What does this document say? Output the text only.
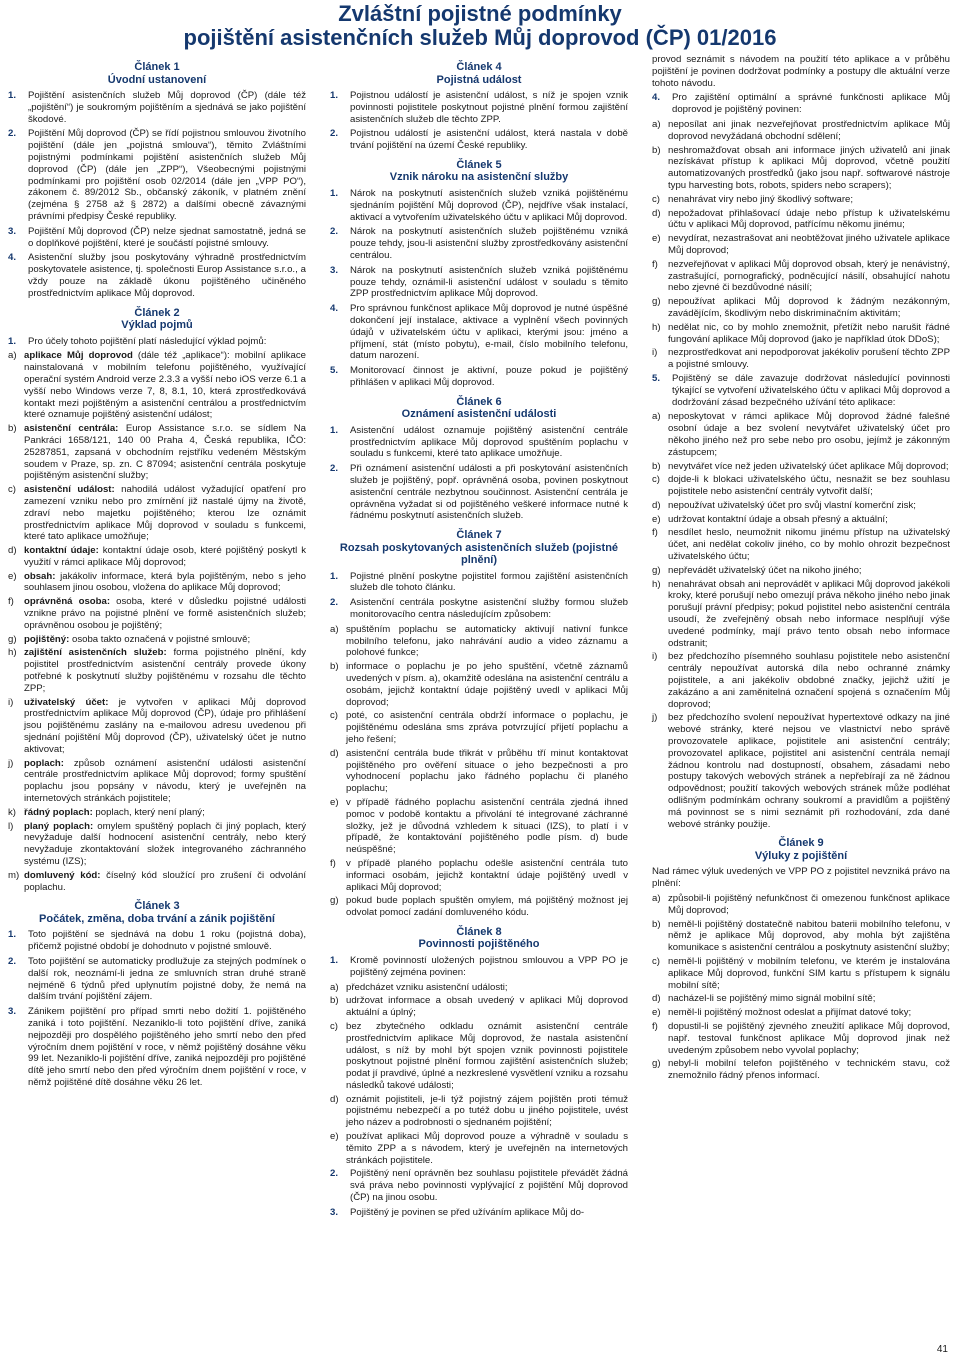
Zvláštní pojistné podmínky
pojištění asistenčních služeb Můj doprovod (ČP) 01/2016
Článek 1
Úvodní ustanovení
1. Pojištění asistenčních služeb Můj doprovod (ČP) (dále též „pojištění“) je soukromým pojištěním a sjednává se jako pojištění škodové.
2. Pojištění Můj doprovod (ČP) se řídí pojistnou smlouvou životního pojištění (dále jen „pojistná smlouva“), těmito Zvláštními pojistnými podmínkami pojištění asistenčních služeb Můj doprovod (ČP) (dále jen „ZPP“), Všeobecnými pojistnými podmínkami pro pojištění osob 02/2014 (dále jen „VPP PO“), zákonem č. 89/2012 Sb., občanský zákoník, v platném znění (zejména § 2758 až § 2872) a dalšími obecně závaznými právními předpisy České republiky.
3. Pojištění Můj doprovod (ČP) nelze sjednat samostatně, jedná se o doplňkové pojištění, které je součástí pojistné smlouvy.
4. Asistenční služby jsou poskytovány výhradně prostřednictvím poskytovatele asistence, tj. společnosti Europ Assistance s.r.o., a vždy pouze na základě úkonu pojištěného učiněného prostřednictvím aplikace Můj doprovod.
Článek 2
Výklad pojmů
1. Pro účely tohoto pojištění platí následující výklad pojmů:
a) aplikace Můj doprovod (dále též „aplikace“): mobilní aplikace nainstalovaná v mobilním telefonu pojištěného, využívající operační systém Android verze 2.3.3 a vyšší nebo iOS verze 6.1 a vyšší nebo Windows verze 7, 8, 8.1, 10, která zprostředkovává kontakt mezi pojištěným a asistenční centrálou a prostřednictvím které oznamuje pojištěný asistenční událost;
b) asistenční centrála: Europ Assistance s.r.o. se sídlem Na Pankráci 1658/121, 140 00 Praha 4, Česká republika, IČO: 25287851, zapsaná v obchodním rejstříku vedeném Městským soudem v Praze, sp. zn. C 87094; asistenční centrála poskytuje pojištěným asistenční služby;
c) asistenční událost: nahodilá událost vyžadující opatření pro zamezení vzniku nebo pro zmírnění již nastalé újmy na životě, zdraví nebo majetku pojištěného; kterou lze oznámit prostřednictvím aplikace Můj doprovod v souladu s funkcemi, které tato aplikace umožňuje;
d) kontaktní údaje: kontaktní údaje osob, které pojištěný poskytl k využití v rámci aplikace Můj doprovod;
e) obsah: jakákoliv informace, která byla pojištěným, nebo s jeho souhlasem jinou osobou, vložena do aplikace Můj doprovod;
f) oprávněná osoba: osoba, které v důsledku pojistné události vznikne právo na pojistné plnění ve formě asistenčních služeb; oprávněnou osobou je pojištěný;
g) pojištěný: osoba takto označená v pojistné smlouvě;
h) zajištění asistenčních služeb: forma pojistného plnění, kdy pojistitel prostřednictvím asistenční centrály provede úkony potřebné k poskytnutí služby pojištěnému v rozsahu dle těchto ZPP;
i) uživatelský účet: je vytvořen v aplikaci Můj doprovod prostřednictvím aplikace Můj doprovod (ČP), údaje pro přihlášení jsou pojištěnému zaslány na e-mailovou adresu uvedenou při sjednání pojištění Můj doprovod (ČP), uživatelský účet je nutno aktivovat;
j) poplach: způsob oznámení asistenční události asistenční centrále prostřednictvím aplikace Můj doprovod; formy spuštění poplachu jsou popsány v návodu, který je uveřejněn na internetových stránkách pojistitele;
k) řádný poplach: poplach, který není planý;
l) planý poplach: omylem spuštěný poplach či jiný poplach, který nevyžaduje další hodnocení asistenční centrály, nebo který nevyžaduje zkontaktování složek integrovaného záchranného systému (IZS);
m) domluvený kód: číselný kód sloužící pro zrušení či odvolání poplachu.
Článek 3
Počátek, změna, doba trvání a zánik pojištění
1. Toto pojištění se sjednává na dobu 1 roku (pojistná doba), přičemž pojistné období je dohodnuto v pojistné smlouvě.
2. Toto pojištění se automaticky prodlužuje za stejných podmínek o další rok, neoznámí-li jedna ze smluvních stran druhé straně nejméně 6 týdnů před uplynutím pojistné doby, že nemá na dalším trvání pojištění zájem.
3. Zánikem pojištění pro případ smrti nebo dožití 1. pojištěného zaniká i toto pojištění. Nezaniklo-li toto pojištění dříve, zaniká nejpozději pro dospělého pojištěného jeho smrtí nebo den před výročním dnem pojištění v roce, v němž pojištěný dosáhne věku 99 let. Nezaniklo-li pojištění dříve, zaniká nejpozději pro pojištěné dítě jeho smrtí nebo den před výročním dnem pojištění v roce, v němž pojištěné dítě dosáhne věku 26 let.
Článek 4
Pojistná událost
1. Pojistnou událostí je asistenční událost, s níž je spojen vznik povinnosti pojistitele poskytnout pojistné plnění formou zajištění asistenčních služeb dle těchto ZPP.
2. Pojistnou událostí je asistenční událost, která nastala v době trvání pojištění na území České republiky.
Článek 5
Vznik nároku na asistenční služby
1. Nárok na poskytnutí asistenčních služeb vzniká pojištěnému sjednáním pojištění Můj doprovod (ČP), nejdříve však instalací, aktivací a vytvořením uživatelského účtu v aplikaci Můj doprovod.
2. Nárok na poskytnutí asistenčních služeb pojištěnému vzniká pouze tehdy, jsou-li asistenční služby zprostředkovány asistenční centrálou.
3. Nárok na poskytnutí asistenčních služeb vzniká pojištěnému pouze tehdy, oznámil-li asistenční událost v souladu s těmito ZPP prostřednictvím aplikace Můj doprovod.
4. Pro správnou funkčnost aplikace Můj doprovod je nutné úspěšné dokončení její instalace, aktivace a vyplnění všech povinných údajů v uživatelském účtu v aplikaci, kterými jsou: jméno a příjmení, stát (místo pobytu), e-mail, číslo mobilního telefonu, datum narození.
5. Monitorovací činnost je aktivní, pouze pokud je pojištěný přihlášen v aplikaci Můj doprovod.
Článek 6
Oznámení asistenční události
1. Asistenční událost oznamuje pojištěný asistenční centrále prostřednictvím aplikace Můj doprovod spuštěním poplachu v souladu s funkcemi, které tato aplikace umožňuje.
2. Při oznámení asistenční události a při poskytování asistenčních služeb je pojištěný, popř. oprávněná osoba, povinen poskytnout asistenční centrále nezbytnou součinnost. Asistenční centrála je oprávněna vyžadat si od pojištěného veškeré informace nutné k řádnému poskytnutí asistenčních služeb.
Článek 7
Rozsah poskytovaných asistenčních služeb (pojistné plnění)
1. Pojistné plnění poskytne pojistitel formou zajištění asistenčních služeb dle tohoto článku.
2. Asistenční centrála poskytne asistenční služby formou služeb monitorovacího centra následujícím způsobem:
a) spuštěním poplachu se automaticky aktivují nativní funkce mobilního telefonu, jako nahrávání audio a video záznamu a polohové funkce;
b) informace o poplachu je po jeho spuštění, včetně záznamů uvedených v písm. a), okamžitě odeslána na asistenční centrálu a osobám, jejichž kontaktní údaje pojištěný uvedl v aplikaci Můj doprovod;
c) poté, co asistenční centrála obdrží informace o poplachu, je pojištěnému odeslána sms zpráva potvrzující přijetí poplachu a jeho řešení;
d) asistenční centrála bude třikrát v průběhu tří minut kontaktovat pojištěného pro ověření situace o jeho bezpečnosti a pro vyhodnocení poplachu jako řádného poplachu či planého poplachu;
e) v případě řádného poplachu asistenční centrála zjedná ihned pomoc v podobě kontaktu a přivolání té integrované záchranné složky, jež je důvodná vzhledem k situaci (IZS), to platí i v případě, že kontaktování pojištěného podle písm. d) bude neúspěšné;
f) v případě planého poplachu odešle asistenční centrála tuto informaci osobám, jejichž kontaktní údaje pojištěný uvedl v aplikaci Můj doprovod;
g) pokud bude poplach spuštěn omylem, má pojištěný možnost jej odvolat pomocí zadání domluveného kódu.
Článek 8
Povinnosti pojištěného
1. Kromě povinností uložených pojistnou smlouvou a VPP PO je pojištěný zejména povinen:
a) předcházet vzniku asistenční události;
b) udržovat informace a obsah uvedený v aplikaci Můj doprovod aktuální a úplný;
c) bez zbytečného odkladu oznámit asistenční centrále prostřednictvím aplikace Můj doprovod, že nastala asistenční událost, s níž by mohl být spojen vznik povinnosti pojistitele poskytnout pojistné plnění formou zajištění asistenčních služeb; podat jí pravdivé, úplné a nezkreslené vysvětlení vzniku a rozsahu následků takové události;
d) oznámit pojistiteli, je-li týž pojistný zájem pojištěn proti témuž pojistnému nebezpečí a po tutéž dobu u jiného pojistitele, uvést jeho název a podrobnosti o sjednaném pojištění;
e) používat aplikaci Můj doprovod pouze a výhradně v souladu s těmito ZPP a s návodem, který je uveřejněn na internetových stránkách pojistitele.
2. Pojištěný není oprávněn bez souhlasu pojistitele převádět žádná svá práva nebo povinnosti vyplývající z pojištění Můj doprovod (ČP) na jinou osobu.
3. Pojištěný je povinen se před užíváním aplikace Můj do-
provod seznámit s návodem na použití této aplikace a v průběhu pojištění je povinen dodržovat podmínky a postupy dle aktuální verze tohoto návodu.
4. Pro zajištění optimální a správné funkčnosti aplikace Můj doprovod je pojištěný povinen:
a) neposílat ani jinak nezveřejňovat prostřednictvím aplikace Můj doprovod nevyžádaná obchodní sdělení;
b) neshromažďovat obsah ani informace jiných uživatelů ani jinak nezískávat přístup k aplikaci Můj doprovod, včetně použití automatizovaných prostředků (jako jsou např. softwarové nástroje typu harvesting bots, robots, spiders nebo scrapers);
c) nenahrávat viry nebo jiný škodlivý software;
d) nepožadovat přihlašovací údaje nebo přístup k uživatelskému účtu v aplikaci Můj doprovod, patřícímu někomu jinému;
e) nevydírat, nezastrašovat ani neobtěžovat jiného uživatele aplikace Můj doprovod;
f) nezveřejňovat v aplikaci Můj doprovod obsah, který je nenávistný, zastrašující, pornografický, podněcující násilí, obsahující nahotu nebo zjevné či bezdůvodné násilí;
g) nepoužívat aplikaci Můj doprovod k žádným nezákonným, zavádějícím, škodlivým nebo diskriminačním aktivitám;
h) nedělat nic, co by mohlo znemožnit, přetížit nebo narušit řádné fungování aplikace Můj doprovod (jako je například útok DDoS);
i) nezprostředkovat ani nepodporovat jakékoliv porušení těchto ZPP a pojistné smlouvy.
5. Pojištěný se dále zavazuje dodržovat následující povinnosti týkající se vytvoření uživatelského účtu v aplikaci Můj doprovod a dodržování zásad bezpečného užívání této aplikace:
a) neposkytovat v rámci aplikace Můj doprovod žádné falešné osobní údaje a bez svolení nevytvářet uživatelský účet pro někoho jiného než pro sebe nebo pro osobu, jejímž je zákonným zástupcem;
b) nevytvářet více než jeden uživatelský účet aplikace Můj doprovod;
c) dojde-li k blokaci uživatelského účtu, nesnažit se bez souhlasu pojistitele nebo asistenční centrály vytvořit další;
d) nepoužívat uživatelský účet pro svůj vlastní komerční zisk;
e) udržovat kontaktní údaje a obsah přesný a aktuální;
f) nesdílet heslo, neumožnit nikomu jinému přístup na uživatelský účet, ani nedělat cokoliv jiného, co by mohlo ohrozit bezpečnost uživatelského účtu;
g) nepřevádět uživatelský účet na nikoho jiného;
h) nenahrávat obsah ani neprovádět v aplikaci Můj doprovod jakékoli kroky, které porušují nebo omezují práva někoho jiného nebo jinak porušují právní předpisy; pokud pojistitel nebo asistenční centrála usoudí, že zveřejněný obsah nebo informace nesplňují výše uvedené podmínky, mají právo tento obsah nebo informace odstranit;
i) bez předchozího písemného souhlasu pojistitele nebo asistenční centrály nepoužívat autorská díla nebo ochranné známky pojistitele, a ani jakékoliv obdobné značky, jejichž užití je zakázáno a ani zaměnitelná označení spojená s označením Můj doprovod;
j) bez předchozího svolení nepoužívat hypertextové odkazy na jiné webové stránky, které nejsou ve vlastnictví nebo správě provozovatele aplikace, pojistitele ani asistenční centrály; provozovatel aplikace, pojistitel ani asistenční centrála nemají žádnou kontrolu nad dostupností, obsahem, zásadami nebo postupy takových webových stránek a nepřebírají za ně žádnou odpovědnost; použití takových webových stránek může podléhat odlišným podmínkám ochrany soukromí a pravidlům a pojištěný má povinnost se s nimi seznámit při rozhodování, zda dané webové stránky použije.
Článek 9
Výluky z pojištění
Nad rámec výluk uvedených ve VPP PO z pojistitel nevzniká právo na plnění:
a) způsobil-li pojištěný nefunkčnost či omezenou funkčnost aplikace Můj doprovod;
b) neměl-li pojištěný dostatečně nabitou baterii mobilního telefonu, v němž je aplikace Můj doprovod, aby mohla být zajištěna komunikace s asistenční centrálou a poskytnuty asistenční služby;
c) neměl-li pojištěný v mobilním telefonu, ve kterém je instalována aplikace Můj doprovod, funkční SIM kartu s přístupem k signálu mobilní sítě;
d) nacházel-li se pojištěný mimo signál mobilní sítě;
e) neměl-li pojištěný možnost odeslat a přijímat datové toky;
f) dopustil-li se pojištěný zjevného zneužití aplikace Můj doprovod, např. testoval funkčnost aplikace Můj doprovod jinak než uvedeným způsobem nebo vyvolal poplachy;
g) nebyl-li mobilní telefon pojištěného v technickém stavu, což znemožnilo řádný přenos informací.
41
